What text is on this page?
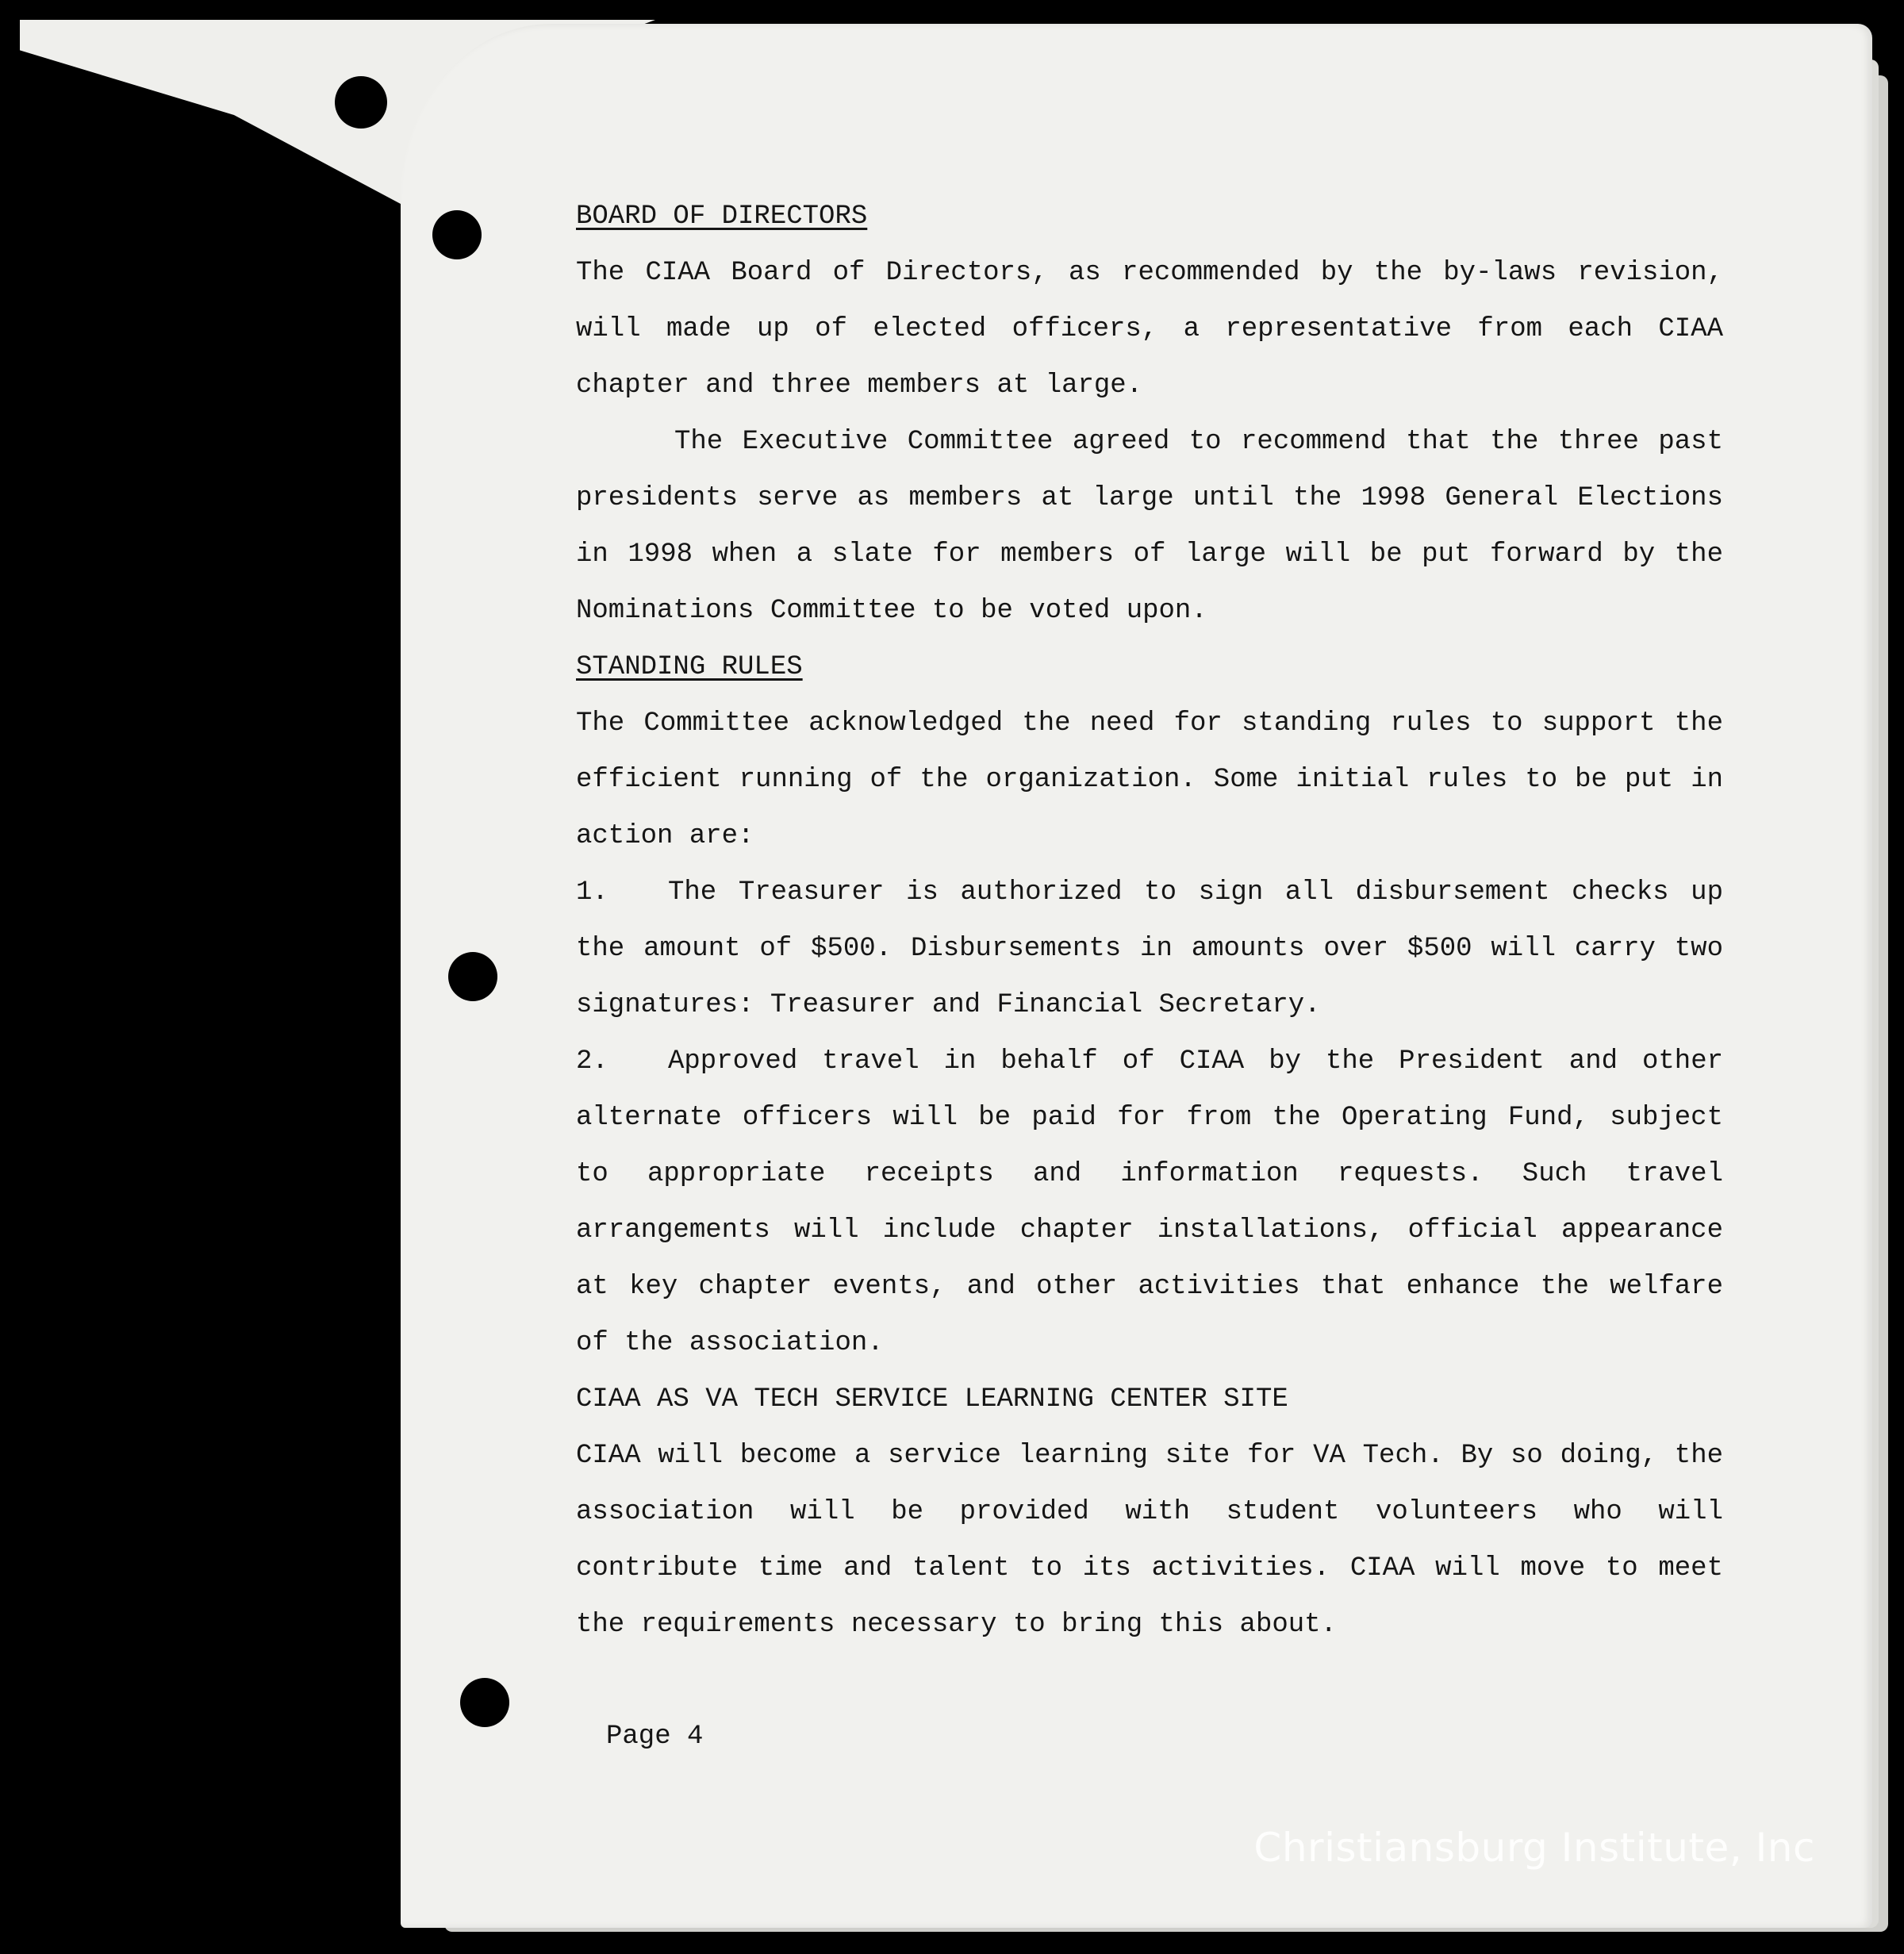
BOARD OF DIRECTORS

The CIAA Board of Directors, as recommended by the by-laws revision, will made up of elected officers, a representative from each CIAA chapter and three members at large.

The Executive Committee agreed to recommend that the three past presidents serve as members at large until the 1998 General Elections in 1998 when a slate for members of large will be put forward by the Nominations Committee to be voted upon.

STANDING RULES

The Committee acknowledged the need for standing rules to support the efficient running of the organization. Some initial rules to be put in action are:

1. The Treasurer is authorized to sign all disbursement checks up the amount of $500. Disbursements in amounts over $500 will carry two signatures: Treasurer and Financial Secretary.

2. Approved travel in behalf of CIAA by the President and other alternate officers will be paid for from the Operating Fund, subject to appropriate receipts and information requests. Such travel arrangements will include chapter installations, official appearance at key chapter events, and other activities that enhance the welfare of the association.

CIAA AS VA TECH SERVICE LEARNING CENTER SITE

CIAA will become a service learning site for VA Tech. By so doing, the association will be provided with student volunteers who will contribute time and talent to its activities. CIAA will move to meet the requirements necessary to bring this about.

Page 4
Christiansburg Institute, Inc
